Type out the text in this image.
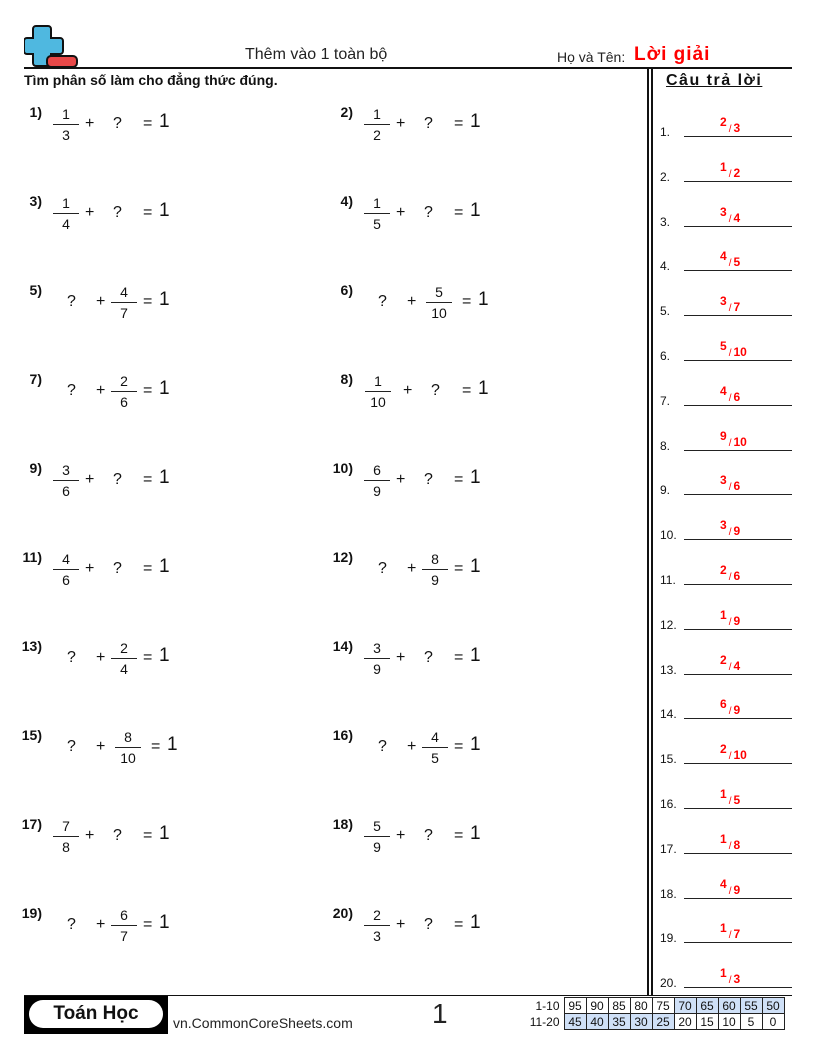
Thêm vào 1 toàn bộ	Họ và Tên: Lời giải
Tìm phân số làm cho đẳng thức đúng.	Câu trả lời
1) 1
3
+ ? = 1	2) 1
2
+ ? = 1
3) 1
4
+ ? = 1	4) 1
5
+ ? = 1
5)
? +
4
7
= 1	6)
? +
5
10
= 1
7)
? +
2
6
= 1	8) 1
10
+ ? = 1
9) 3
6
+ ? = 1	10) 6
9
+ ? = 1
11) 4
6
+ ? = 1	12)
? +
8
9
= 1
13)
? +
2
4
= 1	14) 3
9
+ ? = 1
15)
? +
8
10
= 1	16)
? +
4
5
= 1
17) 7
8
+ ? = 1	18) 5
9
+ ? = 1
19)
? +
6
7
= 1	20) 2
3
+ ? = 1
1.
2/ 3
2.
1/ 2
3.
3/ 4
4.
4/ 5
5.
3/ 7
6.
5/ 10
7.
4/ 6
8.
9/ 10
9.
3/ 6
10.
3/ 9
11.
2/ 6
12.
1/ 9
13.
2/ 4
14.
6/ 9
15.
2/ 10
16.
1/ 5
17.
1/ 8
18.
4/ 9
19.
1/ 7
20.
1/ 3
Toán Học	vn.CommonCoreSheets.com	1	1-10	95	90	85	80	75	70	65	60	55	50
11-20	45	40	35	30	25	20	15	10	5	0
